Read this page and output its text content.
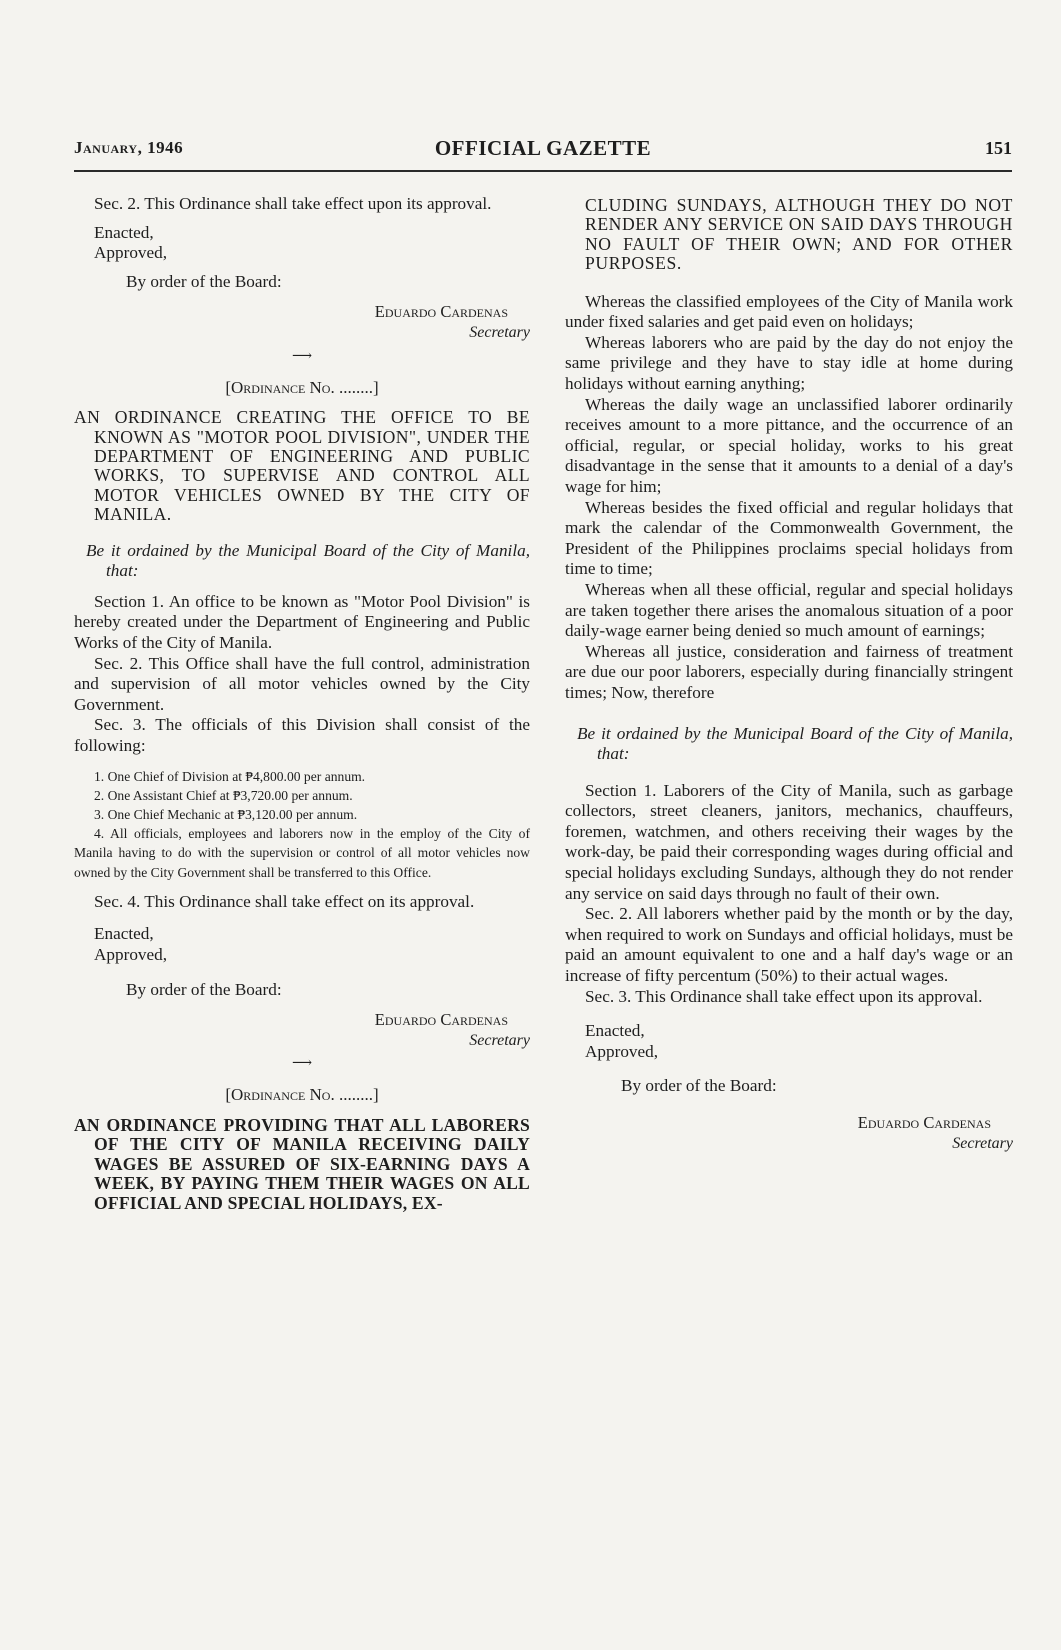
January, 1946	OFFICIAL GAZETTE	151

Sec. 2. This Ordinance shall take effect upon its approval.

Enacted,

Approved,

By order of the Board:

Eduardo Cardenas

Secretary

⟶

[Ordinance No. ........]

AN ORDINANCE CREATING THE OFFICE TO BE KNOWN AS "MOTOR POOL DIVISION", UNDER THE DEPARTMENT OF ENGINEERING AND PUBLIC WORKS, TO SUPERVISE AND CONTROL ALL MOTOR VEHICLES OWNED BY THE CITY OF MANILA.

Be it ordained by the Municipal Board of the City of Manila, that:

Section 1. An office to be known as "Motor Pool Division" is hereby created under the Department of Engineering and Public Works of the City of Manila.

Sec. 2. This Office shall have the full control, administration and supervision of all motor vehicles owned by the City Government.

Sec. 3. The officials of this Division shall consist of the following:

1. One Chief of Division at ₱4,800.00 per annum.

2. One Assistant Chief at ₱3,720.00 per annum.

3. One Chief Mechanic at ₱3,120.00 per annum.

4. All officials, employees and laborers now in the employ of the City of Manila having to do with the supervision or control of all motor vehicles now owned by the City Government shall be transferred to this Office.

Sec. 4. This Ordinance shall take effect on its approval.

Enacted,

Approved,

By order of the Board:

Eduardo Cardenas

Secretary

⟶

[Ordinance No. ........]

AN ORDINANCE PROVIDING THAT ALL LABORERS OF THE CITY OF MANILA RECEIVING DAILY WAGES BE ASSURED OF SIX-EARNING DAYS A WEEK, BY PAYING THEM THEIR WAGES ON ALL OFFICIAL AND SPECIAL HOLIDAYS, EX-

CLUDING SUNDAYS, ALTHOUGH THEY DO NOT RENDER ANY SERVICE ON SAID DAYS THROUGH NO FAULT OF THEIR OWN; AND FOR OTHER PURPOSES.

Whereas the classified employees of the City of Manila work under fixed salaries and get paid even on holidays;

Whereas laborers who are paid by the day do not enjoy the same privilege and they have to stay idle at home during holidays without earning anything;

Whereas the daily wage an unclassified laborer ordinarily receives amount to a more pittance, and the occurrence of an official, regular, or special holiday, works to his great disadvantage in the sense that it amounts to a denial of a day's wage for him;

Whereas besides the fixed official and regular holidays that mark the calendar of the Commonwealth Government, the President of the Philippines proclaims special holidays from time to time;

Whereas when all these official, regular and special holidays are taken together there arises the anomalous situation of a poor daily-wage earner being denied so much amount of earnings;

Whereas all justice, consideration and fairness of treatment are due our poor laborers, especially during financially stringent times; Now, therefore

Be it ordained by the Municipal Board of the City of Manila, that:

Section 1. Laborers of the City of Manila, such as garbage collectors, street cleaners, janitors, mechanics, chauffeurs, foremen, watchmen, and others receiving their wages by the work-day, be paid their corresponding wages during official and special holidays excluding Sundays, although they do not render any service on said days through no fault of their own.

Sec. 2. All laborers whether paid by the month or by the day, when required to work on Sundays and official holidays, must be paid an amount equivalent to one and a half day's wage or an increase of fifty percentum (50%) to their actual wages.

Sec. 3. This Ordinance shall take effect upon its approval.

Enacted,

Approved,

By order of the Board:

Eduardo Cardenas

Secretary
